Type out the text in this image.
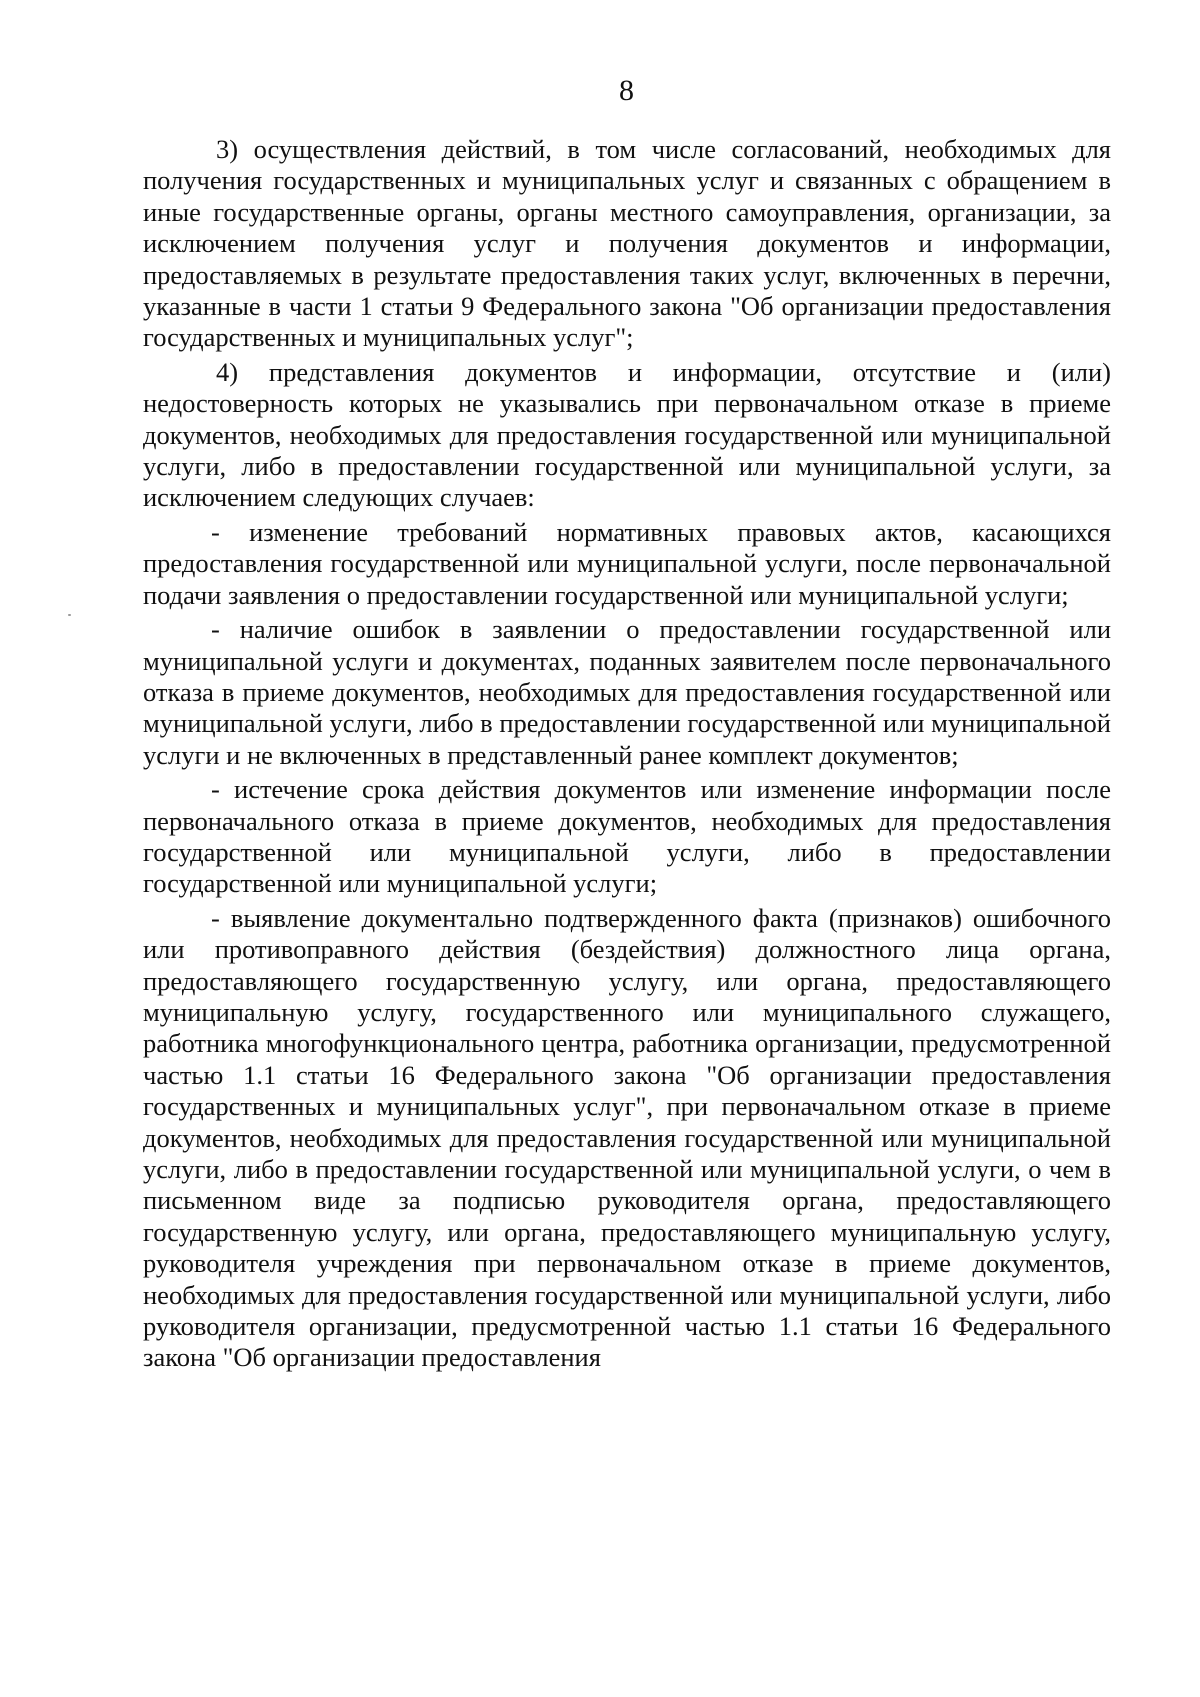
8

3) осуществления действий, в том числе согласований, необходимых для получения государственных и муниципальных услуг и связанных с обращением в иные государственные органы, органы местного самоуправления, организации, за исключением получения услуг и получения документов и информации, предоставляемых в результате предоставления таких услуг, включенных в перечни, указанные в части 1 статьи 9 Федерального закона "Об организации предоставления государственных и муниципальных услуг";

4) представления документов и информации, отсутствие и (или) недостоверность которых не указывались при первоначальном отказе в приеме документов, необходимых для предоставления государственной или муниципальной услуги, либо в предоставлении государственной или муниципальной услуги, за исключением следующих случаев:

- изменение требований нормативных правовых актов, касающихся предоставления государственной или муниципальной услуги, после первоначальной подачи заявления о предоставлении государственной или муниципальной услуги;

- наличие ошибок в заявлении о предоставлении государственной или муниципальной услуги и документах, поданных заявителем после первоначального отказа в приеме документов, необходимых для предоставления государственной или муниципальной услуги, либо в предоставлении государственной или муниципальной услуги и не включенных в представленный ранее комплект документов;

- истечение срока действия документов или изменение информации после первоначального отказа в приеме документов, необходимых для предоставления государственной или муниципальной услуги, либо в предоставлении государственной или муниципальной услуги;

- выявление документально подтвержденного факта (признаков) ошибочного или противоправного действия (бездействия) должностного лица органа, предоставляющего государственную услугу, или органа, предоставляющего муниципальную услугу, государственного или муниципального служащего, работника многофункционального центра, работника организации, предусмотренной частью 1.1 статьи 16 Федерального закона "Об организации предоставления государственных и муниципальных услуг", при первоначальном отказе в приеме документов, необходимых для предоставления государственной или муниципальной услуги, либо в предоставлении государственной или муниципальной услуги, о чем в письменном виде за подписью руководителя органа, предоставляющего государственную услугу, или органа, предоставляющего муниципальную услугу, руководителя учреждения при первоначальном отказе в приеме документов, необходимых для предоставления государственной или муниципальной услуги, либо руководителя организации, предусмотренной частью 1.1 статьи 16 Федерального закона "Об организации предоставления
